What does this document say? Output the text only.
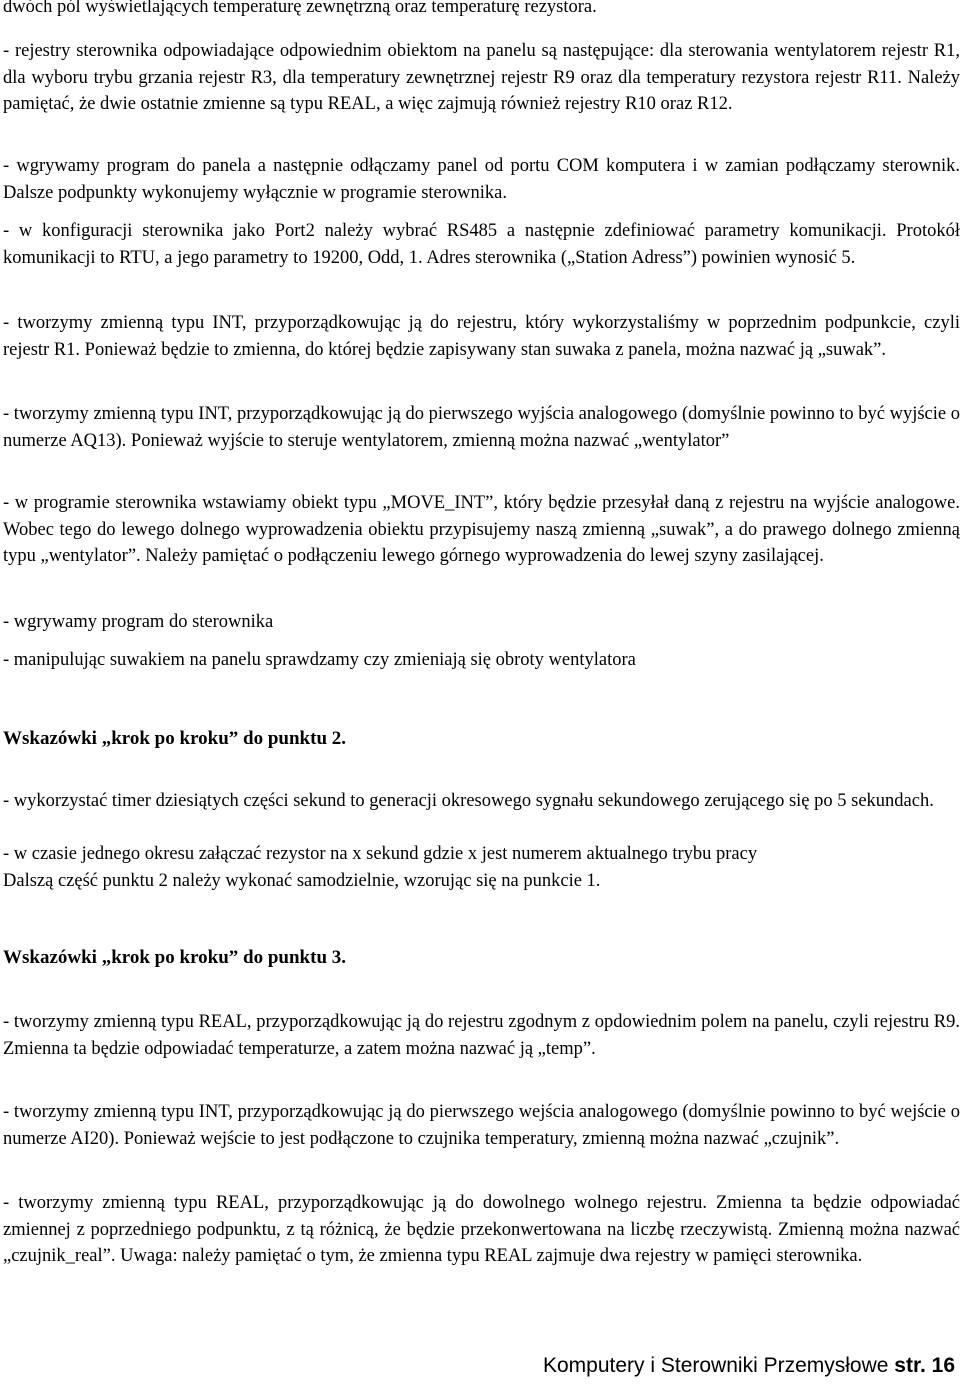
dwóch pól wyświetlających temperaturę zewnętrzną oraz temperaturę rezystora.

- rejestry sterownika odpowiadające odpowiednim obiektom na panelu są następujące: dla sterowania wentylatorem rejestr R1, dla wyboru trybu grzania rejestr R3, dla temperatury zewnętrznej rejestr R9 oraz dla temperatury rezystora rejestr R11. Należy pamiętać, że dwie ostatnie zmienne są typu REAL, a więc zajmują również rejestry R10 oraz R12.

- wgrywamy program do panela a następnie odłączamy panel od portu COM komputera i w zamian podłączamy sterownik. Dalsze podpunkty wykonujemy wyłącznie w programie sterownika.

- w konfiguracji sterownika jako Port2 należy wybrać RS485 a następnie zdefiniować parametry komunikacji. Protokół komunikacji to RTU, a jego parametry to 19200, Odd, 1. Adres sterownika („Station Adress”) powinien wynosić 5.

- tworzymy zmienną typu INT, przyporządkowując ją do rejestru, który wykorzystaliśmy w poprzednim podpunkcie, czyli rejestr R1. Ponieważ będzie to zmienna, do której będzie zapisywany stan suwaka z panela, można nazwać ją „suwak”.

- tworzymy zmienną typu INT, przyporządkowując ją do pierwszego wyjścia analogowego (domyślnie powinno to być wyjście o numerze AQ13). Ponieważ wyjście to steruje wentylatorem, zmienną można nazwać „wentylator”

- w programie sterownika wstawiamy obiekt typu „MOVE_INT”, który będzie przesyłał daną z rejestru na wyjście analogowe. Wobec tego do lewego dolnego wyprowadzenia obiektu przypisujemy naszą zmienną „suwak”, a do prawego dolnego zmienną typu „wentylator”. Należy pamiętać o podłączeniu lewego górnego wyprowadzenia do lewej szyny zasilającej.

- wgrywamy program do sterownika

- manipulując suwakiem na panelu sprawdzamy czy zmieniają się obroty wentylatora

Wskazówki „krok po kroku” do punktu 2.

- wykorzystać timer dziesiątych części sekund to generacji okresowego sygnału sekundowego zerującego się po 5 sekundach.

- w czasie jednego okresu załączać rezystor na x sekund gdzie x jest numerem aktualnego trybu pracy

Dalszą część punktu 2 należy wykonać samodzielnie, wzorując się na punkcie 1.

Wskazówki „krok po kroku” do punktu 3.

- tworzymy zmienną typu REAL, przyporządkowując ją do rejestru zgodnym z opdowiednim polem na panelu, czyli rejestru R9. Zmienna ta będzie odpowiadać temperaturze, a zatem można nazwać ją „temp”.

- tworzymy zmienną typu INT, przyporządkowując ją do pierwszego wejścia analogowego (domyślnie powinno to być wejście o numerze AI20). Ponieważ wejście to jest podłączone to czujnika temperatury, zmienną można nazwać „czujnik”.

- tworzymy zmienną typu REAL, przyporządkowując ją do dowolnego wolnego rejestru. Zmienna ta będzie odpowiadać zmiennej z poprzedniego podpunktu, z tą różnicą, że będzie przekonwertowana na liczbę rzeczywistą. Zmienną można nazwać „czujnik_real”. Uwaga: należy pamiętać o tym, że zmienna typu REAL zajmuje dwa rejestry w pamięci sterownika.

Komputery i Sterowniki Przemysłowe str. 16
